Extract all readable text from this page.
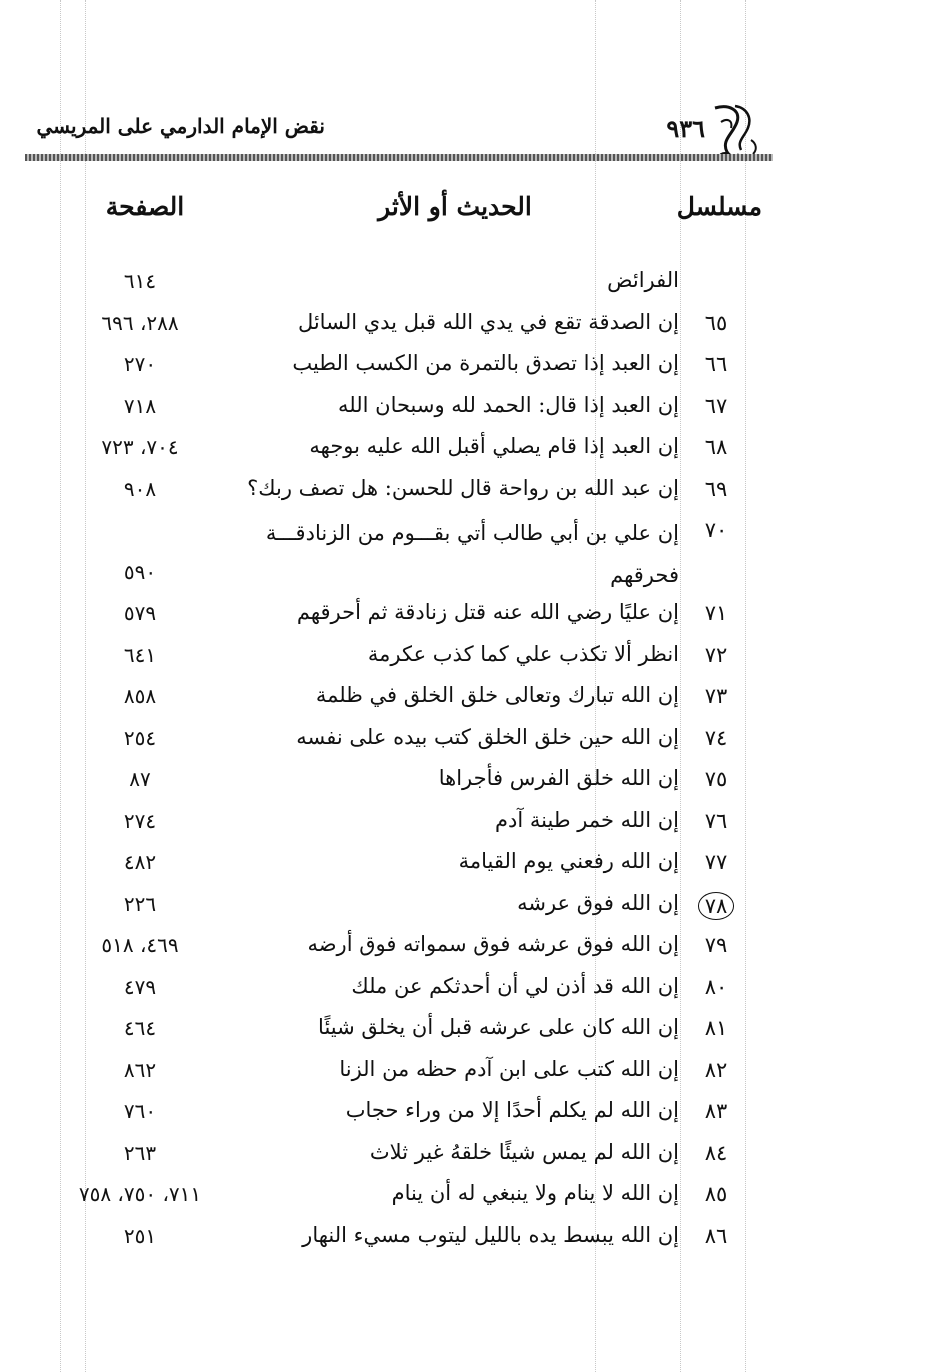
نقض الإمام الدارمي على المريسي	٩٣٦
مسلسل
الحديث أو الأثر
الصفحة
الفرائض
٦١٤
٦٥
إن الصدقة تقع في يدي الله قبل يدي السائل
٢٨٨، ٦٩٦
٦٦
إن العبد إذا تصدق بالتمرة من الكسب الطيب
٢٧٠
٦٧
إن العبد إذا قال: الحمد لله وسبحان الله
٧١٨
٦٨
إن العبد إذا قام يصلي أقبل الله عليه بوجهه
٧٠٤، ٧٢٣
٦٩
إن عبد الله بن رواحة قال للحسن: هل تصف ربك؟
٩٠٨
٧٠
إن علي بن أبي طالب أتي بقـــوم من الزنادقـــة فحرقهم
٥٩٠
٧١
إن عليًا رضي الله عنه قتل زنادقة ثم أحرقهم
٥٧٩
٧٢
انظر ألا تكذب علي كما كذب عكرمة
٦٤١
٧٣
إن الله تبارك وتعالى خلق الخلق في ظلمة
٨٥٨
٧٤
إن الله حين خلق الخلق كتب بيده على نفسه
٢٥٤
٧٥
إن الله خلق الفرس فأجراها
٨٧
٧٦
إن الله خمر طينة آدم
٢٧٤
٧٧
إن الله رفعني يوم القيامة
٤٨٢
٧٨
إن الله فوق عرشه
٢٢٦
٧٩
إن الله فوق عرشه فوق سمواته فوق أرضه
٤٦٩، ٥١٨
٨٠
إن الله قد أذن لي أن أحدثكم عن ملك
٤٧٩
٨١
إن الله كان على عرشه قبل أن يخلق شيئًا
٤٦٤
٨٢
إن الله كتب على ابن آدم حظه من الزنا
٨٦٢
٨٣
إن الله لم يكلم أحدًا إلا من وراء حجاب
٧٦٠
٨٤
إن الله لم يمس شيئًا خلقهُ غير ثلاث
٢٦٣
٨٥
إن الله لا ينام ولا ينبغي له أن ينام
٧١١، ٧٥٠، ٧٥٨
٨٦
إن الله يبسط يده بالليل ليتوب مسيء النهار
٢٥١
